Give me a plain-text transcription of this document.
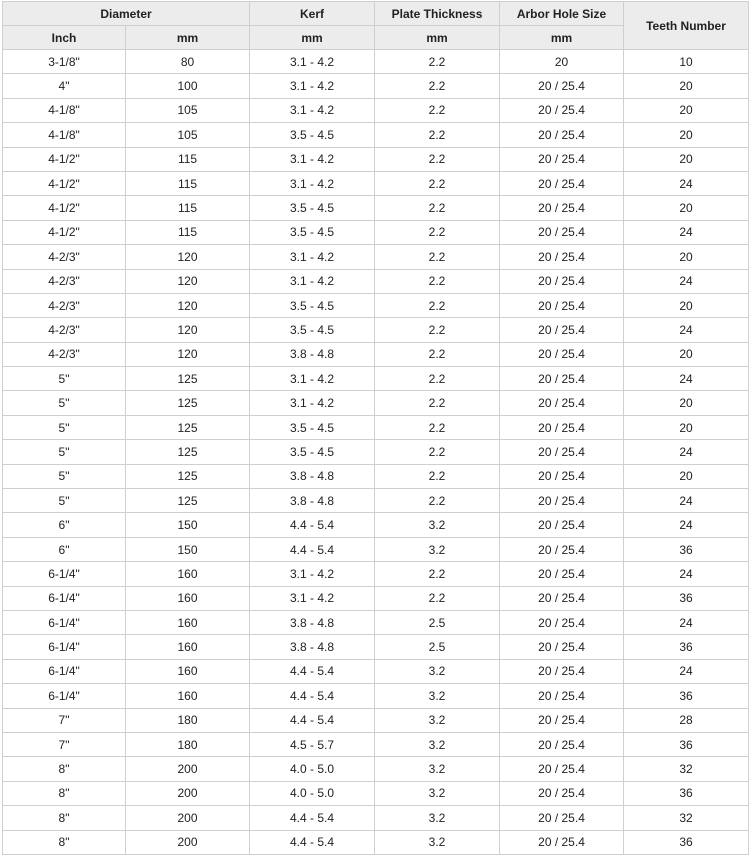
Diameter		Kerf	Plate Thickness	Arbor Hole Size	Teeth Number
Inch	mm	mm	mm	mm	
3-1/8"	80	3.1 - 4.2	2.2	20	10
4"	100	3.1 - 4.2	2.2	20 / 25.4	20
4-1/8"	105	3.1 - 4.2	2.2	20 / 25.4	20
4-1/8"	105	3.5 - 4.5	2.2	20 / 25.4	20
4-1/2"	115	3.1 - 4.2	2.2	20 / 25.4	20
4-1/2"	115	3.1 - 4.2	2.2	20 / 25.4	24
4-1/2"	115	3.5 - 4.5	2.2	20 / 25.4	20
4-1/2"	115	3.5 - 4.5	2.2	20 / 25.4	24
4-2/3"	120	3.1 - 4.2	2.2	20 / 25.4	20
4-2/3"	120	3.1 - 4.2	2.2	20 / 25.4	24
4-2/3"	120	3.5 - 4.5	2.2	20 / 25.4	20
4-2/3"	120	3.5 - 4.5	2.2	20 / 25.4	24
4-2/3"	120	3.8 - 4.8	2.2	20 / 25.4	20
5"	125	3.1 - 4.2	2.2	20 / 25.4	24
5"	125	3.1 - 4.2	2.2	20 / 25.4	20
5"	125	3.5 - 4.5	2.2	20 / 25.4	20
5"	125	3.5 - 4.5	2.2	20 / 25.4	24
5"	125	3.8 - 4.8	2.2	20 / 25.4	20
5"	125	3.8 - 4.8	2.2	20 / 25.4	24
6"	150	4.4 - 5.4	3.2	20 / 25.4	24
6"	150	4.4 - 5.4	3.2	20 / 25.4	36
6-1/4"	160	3.1 - 4.2	2.2	20 / 25.4	24
6-1/4"	160	3.1 - 4.2	2.2	20 / 25.4	36
6-1/4"	160	3.8 - 4.8	2.5	20 / 25.4	24
6-1/4"	160	3.8 - 4.8	2.5	20 / 25.4	36
6-1/4"	160	4.4 - 5.4	3.2	20 / 25.4	24
6-1/4"	160	4.4 - 5.4	3.2	20 / 25.4	36
7"	180	4.4 - 5.4	3.2	20 / 25.4	28
7"	180	4.5 - 5.7	3.2	20 / 25.4	36
8"	200	4.0 - 5.0	3.2	20 / 25.4	32
8"	200	4.0 - 5.0	3.2	20 / 25.4	36
8"	200	4.4 - 5.4	3.2	20 / 25.4	32
8"	200	4.4 - 5.4	3.2	20 / 25.4	36
